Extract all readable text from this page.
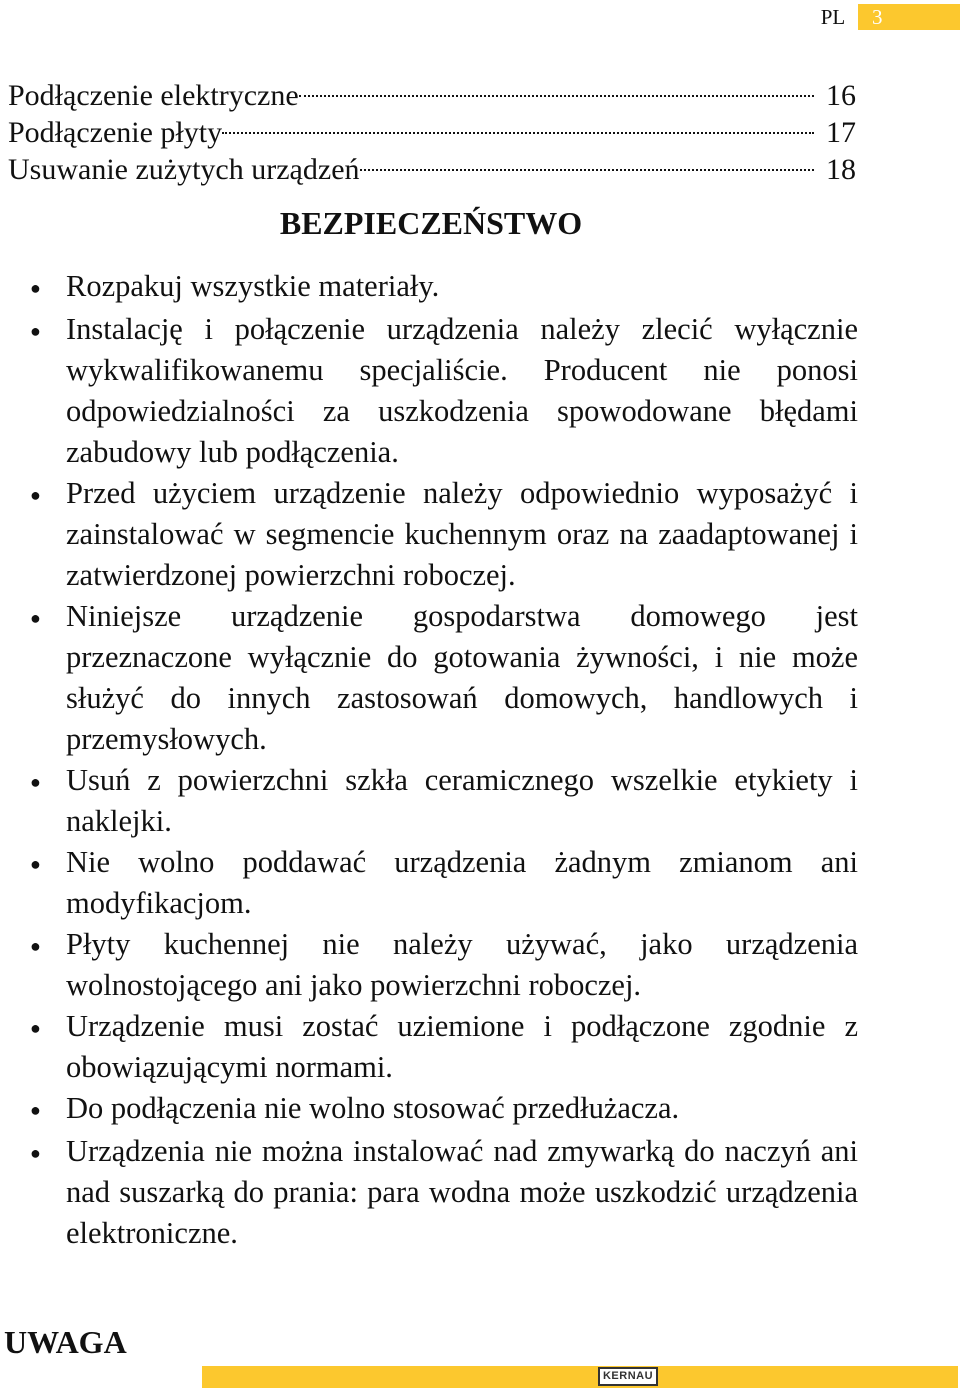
PL	3
Podłączenie elektryczne	16
Podłączenie płyty	17
Usuwanie zużytych urządzeń	18
BEZPIECZEŃSTWO
● Rozpakuj wszystkie materiały.
● Instalację i połączenie urządzenia należy zlecić wyłącznie wykwalifikowanemu specjaliście. Producent nie ponosi odpowiedzialności za uszkodzenia spowodowane błędami zabudowy lub podłączenia.
● Przed użyciem urządzenie należy odpowiednio wyposażyć i zainstalować w segmencie kuchennym oraz na zaadaptowanej i zatwierdzonej powierzchni roboczej.
● Niniejsze urządzenie gospodarstwa domowego jest przeznaczone wyłącznie do gotowania żywności, i nie może służyć do innych zastosowań domowych, handlowych i przemysłowych.
● Usuń z powierzchni szkła ceramicznego wszelkie etykiety i naklejki.
● Nie wolno poddawać urządzenia żadnym zmianom ani modyfikacjom.
● Płyty kuchennej nie należy używać, jako urządzenia wolnostojącego ani jako powierzchni roboczej.
● Urządzenie musi zostać uziemione i podłączone zgodnie z obowiązującymi normami.
● Do podłączenia nie wolno stosować przedłużacza.
● Urządzenia nie można instalować nad zmywarką do naczyń ani nad suszarką do prania: para wodna może uszkodzić urządzenia elektroniczne.
UWAGA
KERNAU
